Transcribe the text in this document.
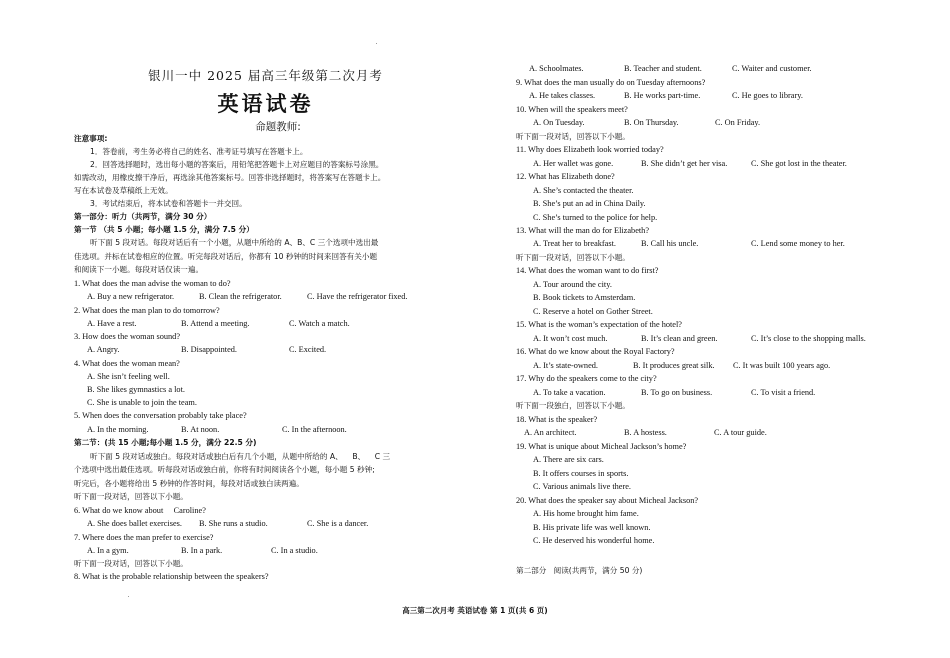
银川一中 2025 届高三年级第二次月考
英语试卷
命题教师:
注意事项:
1．答卷前，考生务必将自己的姓名、准考证号填写在答题卡上。
2．回答选择题时，选出每小题的答案后，用铅笔把答题卡上对应题目的答案标号涂黑。
如需改动，用橡皮擦干净后，再选涂其他答案标号。回答非选择题时，将答案写在答题卡上。
写在本试卷及草稿纸上无效。
3．考试结束后，将本试卷和答题卡一并交回。
第一部分：听力（共两节，满分 30 分）
第一节 （共 5 小题；每小题 1.5 分，满分 7.5 分）
听下面 5 段对话。每段对话后有一个小题，从题中所给的 A、B、C 三个选项中选出最
佳选项。并标在试卷相应的位置。听完每段对话后，你都有 10 秒钟的时间来回答有关小题
和阅读下一小题。每段对话仅读一遍。
1. What does the man advise the woman to do?
A. Buy a new refrigerator.	B. Clean the refrigerator.	C. Have the refrigerator fixed.
2. What does the man plan to do tomorrow?
A. Have a rest.	B. Attend a meeting.	C. Watch a match.
3. How does the woman sound?
A. Angry.	B. Disappointed.	C. Excited.
4. What does the woman mean?
A. She isn’t feeling well.
B. She likes gymnastics a lot.
C. She is unable to join the team.
5. When does the conversation probably take place?
A. In the morning.	B. At noon.	C. In the afternoon.
第二节：(共 15 小题;每小题 1.5 分，满分 22.5 分)
听下面 5 段对话或独白。每段对话或独白后有几个小题，从题中所给的 A、    B、    C 三
个选项中选出最佳选项。听每段对话或独白前，你将有时间阅读各个小题，每小题 5 秒钟;
听完后，各小题将给出 5 秒钟的作答时间，每段对话或独白读两遍。
听下面一段对话，回答以下小题。
6. What do we know about     Caroline?
A. She does ballet exercises. B. She runs a studio.	C. She is a dancer.
7. Where does the man prefer to exercise?
A. In a gym.	B. In a park.	C. In a studio.
听下面一段对话，回答以下小题。
8. What is the probable relationship between the speakers?
A. Schoolmates.	B. Teacher and student.	C. Waiter and customer.
9. What does the man usually do on Tuesday afternoons?
A. He takes classes.	B. He works part-time.	C. He goes to library.
10. When will the speakers meet?
A. On Tuesday.	B. On Thursday.	C. On Friday.
听下面一段对话，回答以下小题。
11. Why does Elizabeth look worried today?
A. Her wallet was gone.	B. She didn’t get her visa.	C. She got lost in the theater.
12. What has Elizabeth done?
A. She’s contacted the theater.
B. She’s put an ad in China Daily.
C. She’s turned to the police for help.
13. What will the man do for Elizabeth?
A. Treat her to breakfast.	B. Call his uncle.	C. Lend some money to her.
听下面一段对话，回答以下小题。
14. What does the woman want to do first?
A. Tour around the city.
B. Book tickets to Amsterdam.
C. Reserve a hotel on Gother Street.
15. What is the woman’s expectation of the hotel?
A. It won’t cost much.	B. It’s clean and green.	C. It’s close to the shopping malls.
16. What do we know about the Royal Factory?
A. It’s state-owned.	B. It produces great silk. C. It was built 100 years ago.
17. Why do the speakers come to the city?
A. To take a vacation.	B. To go on business.	C. To visit a friend.
听下面一段独白，回答以下小题。
18. What is the speaker?
A. An architect.	B. A hostess.	C. A tour guide.
19. What is unique about Micheal Jackson’s home?
A. There are six cars.
B. It offers courses in sports.
C. Various animals live there.
20. What does the speaker say about Micheal Jackson?
A. His home brought him fame.
B. His private life was well known.
C. He deserved his wonderful home.
第二部分   阅读(共两节，满分 50 分)
高三第二次月考 英语试卷 第 1 页(共 6 页)
